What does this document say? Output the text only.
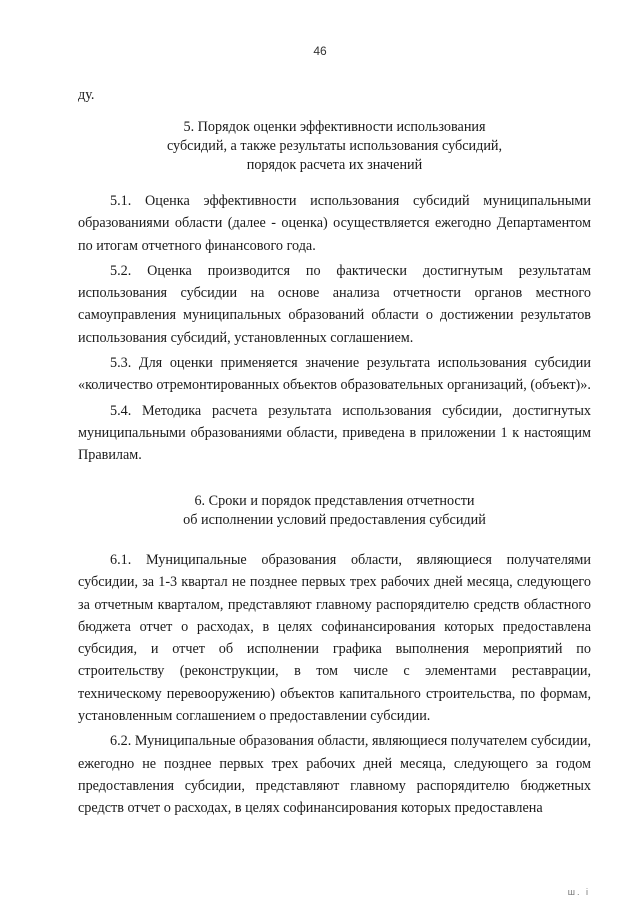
46
ду.
5. Порядок оценки эффективности использования
субсидий, а также результаты использования субсидий,
порядок расчета их значений

5.1. Оценка эффективности использования субсидий муниципальными образованиями области (далее - оценка) осуществляется ежегодно Департаментом по итогам отчетного финансового года.

5.2. Оценка производится по фактически достигнутым результатам использования субсидии на основе анализа отчетности органов местного самоуправления муниципальных образований области о достижении результатов использования субсидий, установленных соглашением.

5.3. Для оценки применяется значение результата использования субсидии «количество отремонтированных объектов образовательных организаций, (объект)».

5.4. Методика расчета результата использования субсидии, достигнутых муниципальными образованиями области, приведена в приложении 1 к настоящим Правилам.

6. Сроки и порядок представления отчетности
об исполнении условий предоставления субсидий

6.1. Муниципальные образования области, являющиеся получателями субсидии, за 1-3 квартал не позднее первых трех рабочих дней месяца, следующего за отчетным кварталом, представляют главному распорядителю средств областного бюджета отчет о расходах, в целях софинансирования которых предоставлена субсидия, и отчет об исполнении графика выполнения мероприятий по строительству (реконструкции, в том числе с элементами реставрации, техническому перевооружению) объектов капитального строительства, по формам, установленным соглашением о предоставлении субсидии.

6.2. Муниципальные образования области, являющиеся получателем субсидии, ежегодно не позднее первых трех рабочих дней месяца, следующего за годом предоставления субсидии, представляют главному распорядителю бюджетных средств отчет о расходах, в целях софинансирования которых предоставлена

ш. і
